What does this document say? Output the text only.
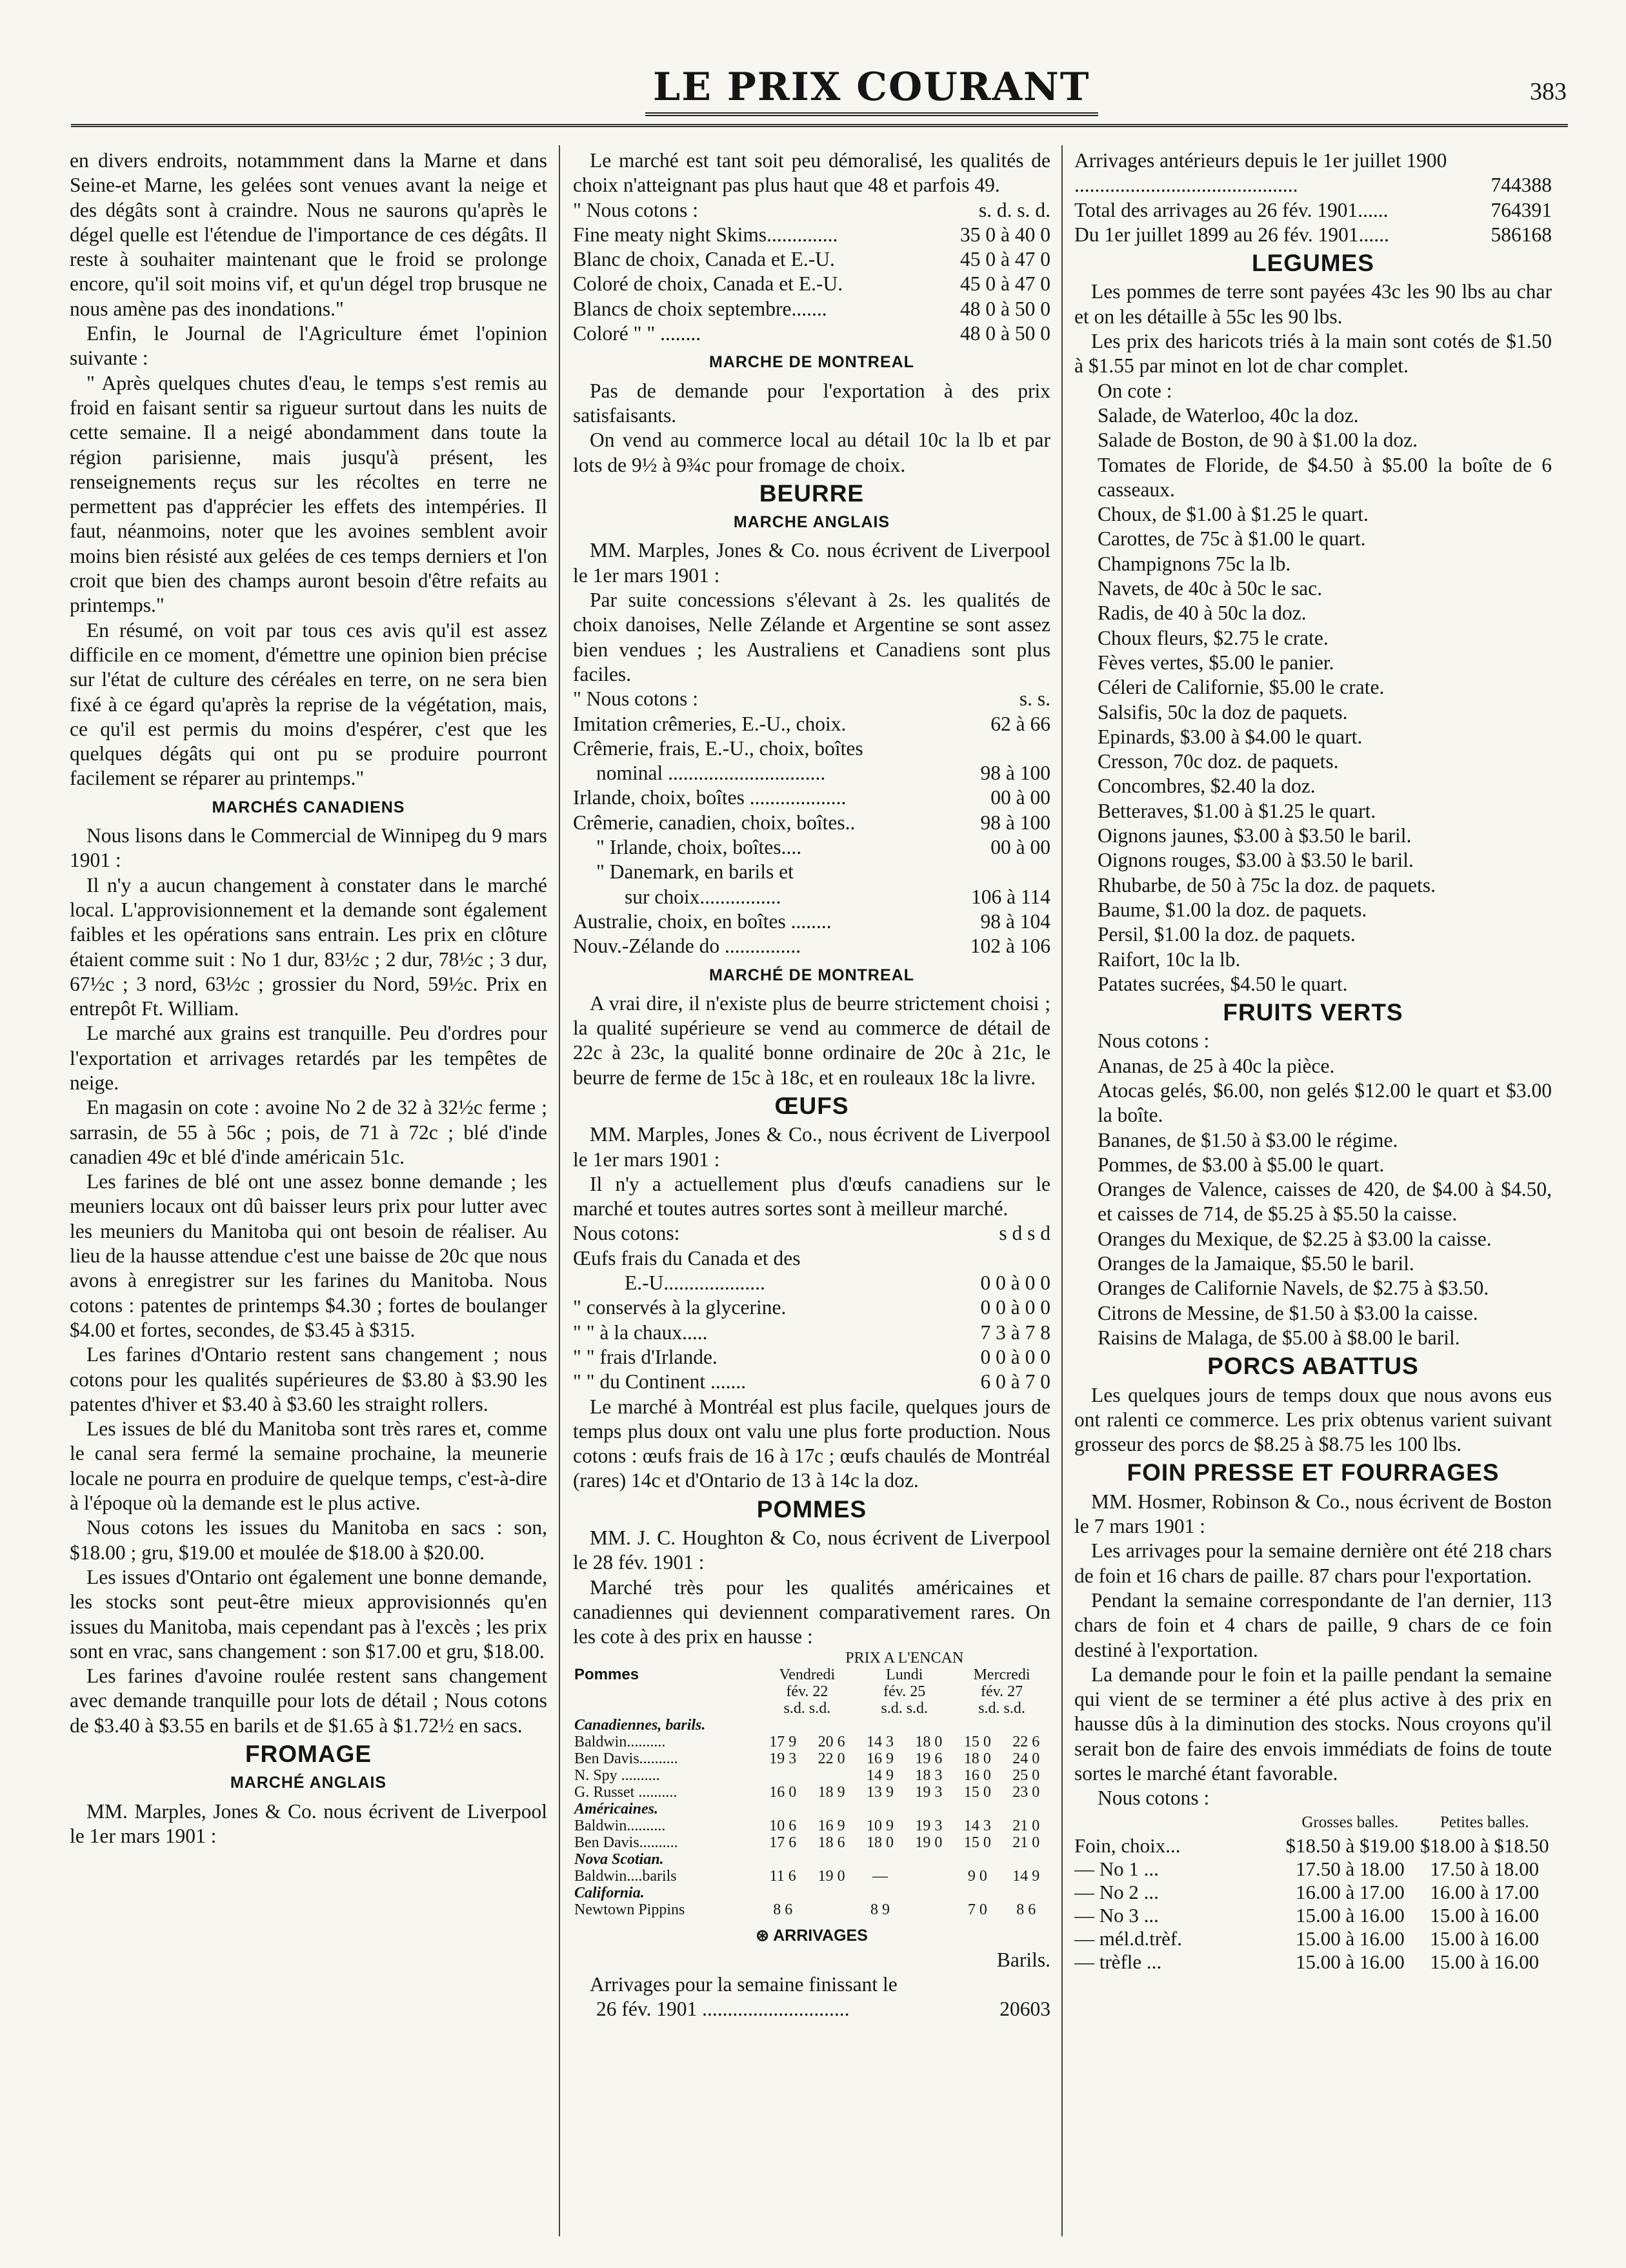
LE PRIX COURANT	383

en divers endroits, notammment dans la Marne et dans Seine-et Marne, les gelées sont venues avant la neige et des dégâts sont à craindre. Nous ne saurons qu'après le dégel quelle est l'étendue de l'importance de ces dégâts. Il reste à souhaiter maintenant que le froid se prolonge encore, qu'il soit moins vif, et qu'un dégel trop brusque ne nous amène pas des inondations."

Enfin, le Journal de l'Agriculture émet l'opinion suivante :

" Après quelques chutes d'eau, le temps s'est remis au froid en faisant sentir sa rigueur surtout dans les nuits de cette semaine. Il a neigé abondamment dans toute la région parisienne, mais jusqu'à présent, les renseignements reçus sur les récoltes en terre ne permettent pas d'apprécier les effets des intempéries. Il faut, néanmoins, noter que les avoines semblent avoir moins bien résisté aux gelées de ces temps derniers et l'on croit que bien des champs auront besoin d'être refaits au printemps."

En résumé, on voit par tous ces avis qu'il est assez difficile en ce moment, d'émettre une opinion bien précise sur l'état de culture des céréales en terre, on ne sera bien fixé à ce égard qu'après la reprise de la végétation, mais, ce qu'il est permis du moins d'espérer, c'est que les quelques dégâts qui ont pu se produire pourront facilement se réparer au printemps."

MARCHÉS CANADIENS

Nous lisons dans le Commercial de Winnipeg du 9 mars 1901 :

Il n'y a aucun changement à constater dans le marché local. L'approvisionnement et la demande sont également faibles et les opérations sans entrain. Les prix en clôture étaient comme suit : No 1 dur, 83½c ; 2 dur, 78½c ; 3 dur, 67½c ; 3 nord, 63½c ; grossier du Nord, 59½c. Prix en entrepôt Ft. William.

Le marché aux grains est tranquille. Peu d'ordres pour l'exportation et arrivages retardés par les tempêtes de neige.

En magasin on cote : avoine No 2 de 32 à 32½c ferme ; sarrasin, de 55 à 56c ; pois, de 71 à 72c ; blé d'inde canadien 49c et blé d'inde américain 51c.

Les farines de blé ont une assez bonne demande ; les meuniers locaux ont dû baisser leurs prix pour lutter avec les meuniers du Manitoba qui ont besoin de réaliser. Au lieu de la hausse attendue c'est une baisse de 20c que nous avons à enregistrer sur les farines du Manitoba. Nous cotons : patentes de printemps $4.30 ; fortes de boulanger $4.00 et fortes, secondes, de $3.45 à $315.

Les farines d'Ontario restent sans changement ; nous cotons pour les qualités supérieures de $3.80 à $3.90 les patentes d'hiver et $3.40 à $3.60 les straight rollers.

Les issues de blé du Manitoba sont très rares et, comme le canal sera fermé la semaine prochaine, la meunerie locale ne pourra en produire de quelque temps, c'est-à-dire à l'époque où la demande est le plus active.

Nous cotons les issues du Manitoba en sacs : son, $18.00 ; gru, $19.00 et moulée de $18.00 à $20.00.

Les issues d'Ontario ont également une bonne demande, les stocks sont peut-être mieux approvisionnés qu'en issues du Manitoba, mais cependant pas à l'excès ; les prix sont en vrac, sans changement : son $17.00 et gru, $18.00.

Les farines d'avoine roulée restent sans changement avec demande tranquille pour lots de détail ; Nous cotons de $3.40 à $3.55 en barils et de $1.65 à $1.72½ en sacs.

FROMAGE
MARCHÉ ANGLAIS

MM. Marples, Jones & Co. nous écrivent de Liverpool le 1er mars 1901 :

Le marché est tant soit peu démoralisé, les qualités de choix n'atteignant pas plus haut que 48 et parfois 49.

" Nous cotons :	s. d. s. d.
Fine meaty night Skims..............	35 0 à 40 0
Blanc de choix, Canada et E.-U.	45 0 à 47 0
Coloré de choix, Canada et E.-U.	45 0 à 47 0
Blancs de choix septembre.......	48 0 à 50 0
Coloré " " ........	48 0 à 50 0
MARCHE DE MONTREAL

Pas de demande pour l'exportation à des prix satisfaisants.

On vend au commerce local au détail 10c la lb et par lots de 9½ à 9¾c pour fromage de choix.

BEURRE
MARCHE ANGLAIS

MM. Marples, Jones & Co. nous écrivent de Liverpool le 1er mars 1901 :

Par suite concessions s'élevant à 2s. les qualités de choix danoises, Nelle Zélande et Argentine se sont assez bien vendues ; les Australiens et Canadiens sont plus faciles.

" Nous cotons :	s. s.
Imitation crêmeries, E.-U., choix.	62 à 66
Crêmerie, frais, E.-U., choix, boîtes
nominal ...............................	98 à 100
Irlande, choix, boîtes ...................	00 à 00
Crêmerie, canadien, choix, boîtes..	98 à 100
" Irlande, choix, boîtes....	00 à 00
" Danemark, en barils et
sur choix................	106 à 114
Australie, choix, en boîtes ........	98 à 104
Nouv.-Zélande do ...............	102 à 106
MARCHÉ DE MONTREAL

A vrai dire, il n'existe plus de beurre strictement choisi ; la qualité supérieure se vend au commerce de détail de 22c à 23c, la qualité bonne ordinaire de 20c à 21c, le beurre de ferme de 15c à 18c, et en rouleaux 18c la livre.

ŒUFS

MM. Marples, Jones & Co., nous écrivent de Liverpool le 1er mars 1901 :

Il n'y a actuellement plus d'œufs canadiens sur le marché et toutes autres sortes sont à meilleur marché.

Nous cotons:	s d s d
Œufs frais du Canada et des
E.-U....................	0 0 à 0 0
" conservés à la glycerine.	0 0 à 0 0
" " à la chaux.....	7 3 à 7 8
" " frais d'Irlande.	0 0 à 0 0
" " du Continent .......	6 0 à 7 0

Le marché à Montréal est plus facile, quelques jours de temps plus doux ont valu une plus forte production. Nous cotons : œufs frais de 16 à 17c ; œufs chaulés de Montréal (rares) 14c et d'Ontario de 13 à 14c la doz.

POMMES

MM. J. C. Houghton & Co, nous écrivent de Liverpool le 28 fév. 1901 :

Marché très pour les qualités américaines et canadiennes qui deviennent comparativement rares. On les cote à des prix en hausse :

	PRIX A L'ENCAN					
Pommes	Vendredi		Lundi		Mercredi	
	fév. 22		fév. 25		fév. 27	
	s.d. s.d.		s.d. s.d.		s.d. s.d.	
Canadiennes, barils.						
Baldwin..........	17 9	20 6	14 3	18 0	15 0	22 6
Ben Davis..........	19 3	22 0	16 9	19 6	18 0	24 0
N. Spy ..........			14 9	18 3	16 0	25 0
G. Russet ..........	16 0	18 9	13 9	19 3	15 0	23 0
Américaines.						
Baldwin..........	10 6	16 9	10 9	19 3	14 3	21 0
Ben Davis..........	17 6	18 6	18 0	19 0	15 0	21 0
Nova Scotian.						
Baldwin....barils	11 6	19 0	—		9 0	14 9
California.						
Newtown Pippins	8 6		8 9		7 0	8 6
⊛ ARRIVAGES
Barils.

Arrivages pour la semaine finissant le

26 fév. 1901 .............................	20603
Arrivages antérieurs depuis le 1er juillet 1900 ............................................	744388
Total des arrivages au 26 fév. 1901......	764391
Du 1er juillet 1899 au 26 fév. 1901......	586168
LEGUMES

Les pommes de terre sont payées 43c les 90 lbs au char et on les détaille à 55c les 90 lbs.

Les prix des haricots triés à la main sont cotés de $1.50 à $1.55 par minot en lot de char complet.

On cote :

Salade, de Waterloo, 40c la doz.

Salade de Boston, de 90 à $1.00 la doz.

Tomates de Floride, de $4.50 à $5.00 la boîte de 6 casseaux.

Choux, de $1.00 à $1.25 le quart.

Carottes, de 75c à $1.00 le quart.

Champignons 75c la lb.

Navets, de 40c à 50c le sac.

Radis, de 40 à 50c la doz.

Choux fleurs, $2.75 le crate.

Fèves vertes, $5.00 le panier.

Céleri de Californie, $5.00 le crate.

Salsifis, 50c la doz de paquets.

Epinards, $3.00 à $4.00 le quart.

Cresson, 70c doz. de paquets.

Concombres, $2.40 la doz.

Betteraves, $1.00 à $1.25 le quart.

Oignons jaunes, $3.00 à $3.50 le baril.

Oignons rouges, $3.00 à $3.50 le baril.

Rhubarbe, de 50 à 75c la doz. de paquets.

Baume, $1.00 la doz. de paquets.

Persil, $1.00 la doz. de paquets.

Raifort, 10c la lb.

Patates sucrées, $4.50 le quart.

FRUITS VERTS
Nous cotons :

Ananas, de 25 à 40c la pièce.

Atocas gelés, $6.00, non gelés $12.00 le quart et $3.00 la boîte.

Bananes, de $1.50 à $3.00 le régime.

Pommes, de $3.00 à $5.00 le quart.

Oranges de Valence, caisses de 420, de $4.00 à $4.50, et caisses de 714, de $5.25 à $5.50 la caisse.

Oranges du Mexique, de $2.25 à $3.00 la caisse.

Oranges de la Jamaique, $5.50 le baril.

Oranges de Californie Navels, de $2.75 à $3.50.

Citrons de Messine, de $1.50 à $3.00 la caisse.

Raisins de Malaga, de $5.00 à $8.00 le baril.

PORCS ABATTUS

Les quelques jours de temps doux que nous avons eus ont ralenti ce commerce. Les prix obtenus varient suivant grosseur des porcs de $8.25 à $8.75 les 100 lbs.

FOIN PRESSE ET FOURRAGES

MM. Hosmer, Robinson & Co., nous écrivent de Boston le 7 mars 1901 :

Les arrivages pour la semaine dernière ont été 218 chars de foin et 16 chars de paille. 87 chars pour l'exportation.

Pendant la semaine correspondante de l'an dernier, 113 chars de foin et 4 chars de paille, 9 chars de ce foin destiné à l'exportation.

La demande pour le foin et la paille pendant la semaine qui vient de se terminer a été plus active à des prix en hausse dûs à la diminution des stocks. Nous croyons qu'il serait bon de faire des envois immédiats de foins de toute sortes le marché étant favorable.

Nous cotons :
Grosses balles.	Petites balles.
Foin, choix...	$18.50 à $19.00 $18.00 à $18.50
— No 1 ...	17.50 à 18.00	17.50 à 18.00
— No 2 ...	16.00 à 17.00	16.00 à 17.00
— No 3 ...	15.00 à 16.00	15.00 à 16.00
— mél.d.trèf.	15.00 à 16.00	15.00 à 16.00
— trèfle ...	15.00 à 16.00	15.00 à 16.00
